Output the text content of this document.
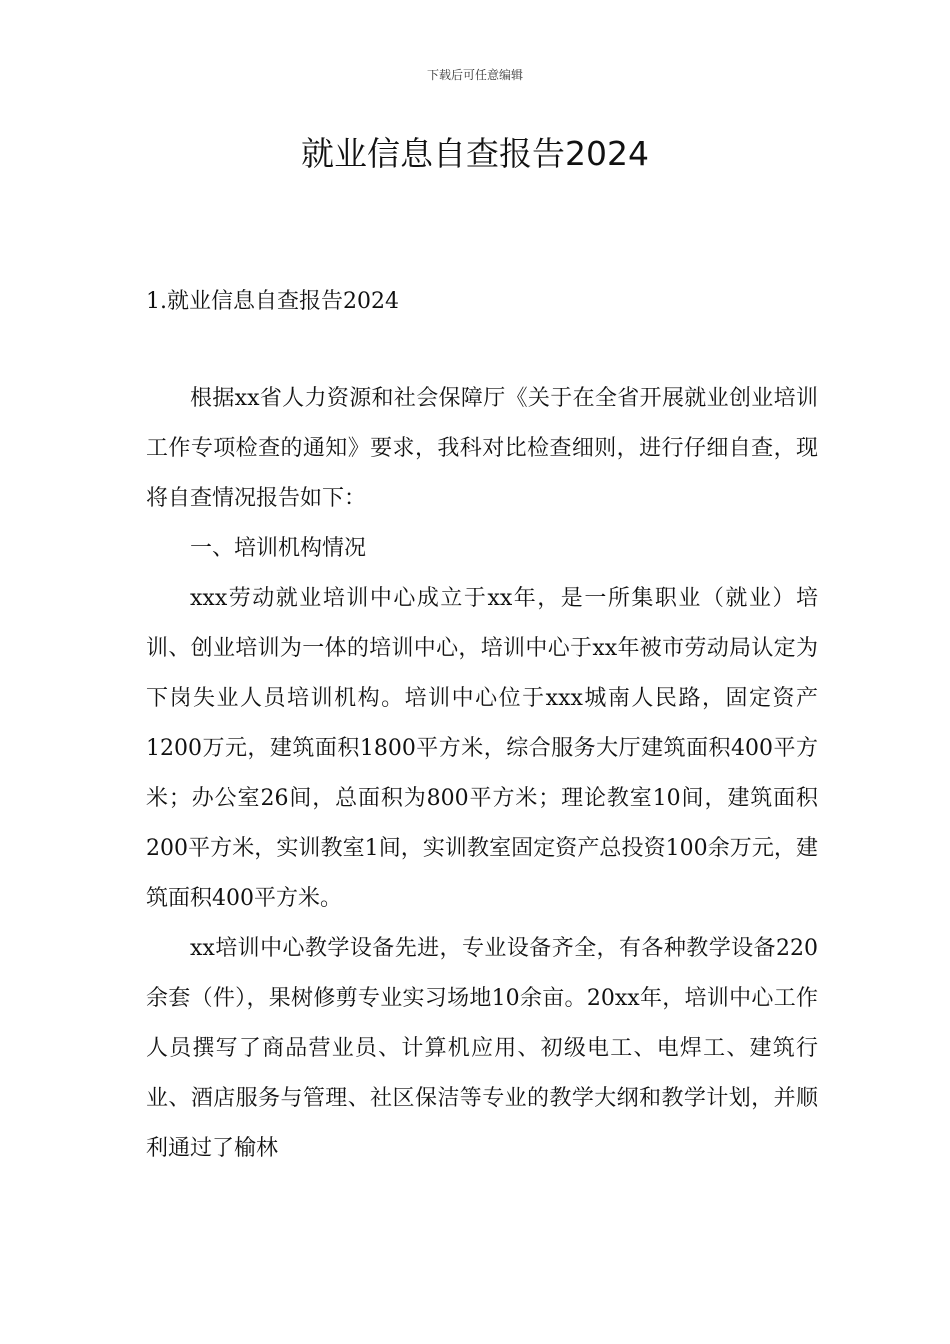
下载后可任意编辑
就业信息自查报告2024
1.就业信息自查报告2024

根据xx省人力资源和社会保障厅《关于在全省开展就业创业培训工作专项检查的通知》要求，我科对比检查细则，进行仔细自查，现将自查情况报告如下：

一、培训机构情况

xxx劳动就业培训中心成立于xx年，是一所集职业（就业）培训、创业培训为一体的培训中心，培训中心于xx年被市劳动局认定为下岗失业人员培训机构。培训中心位于xxx城南人民路，固定资产1200万元，建筑面积1800平方米，综合服务大厅建筑面积400平方米；办公室26间，总面积为800平方米；理论教室10间，建筑面积200平方米，实训教室1间，实训教室固定资产总投资100余万元，建筑面积400平方米。

xx培训中心教学设备先进，专业设备齐全，有各种教学设备220余套（件），果树修剪专业实习场地10余亩。20xx年，培训中心工作人员撰写了商品营业员、计算机应用、初级电工、电焊工、建筑行业、酒店服务与管理、社区保洁等专业的教学大纲和教学计划，并顺利通过了榆林
